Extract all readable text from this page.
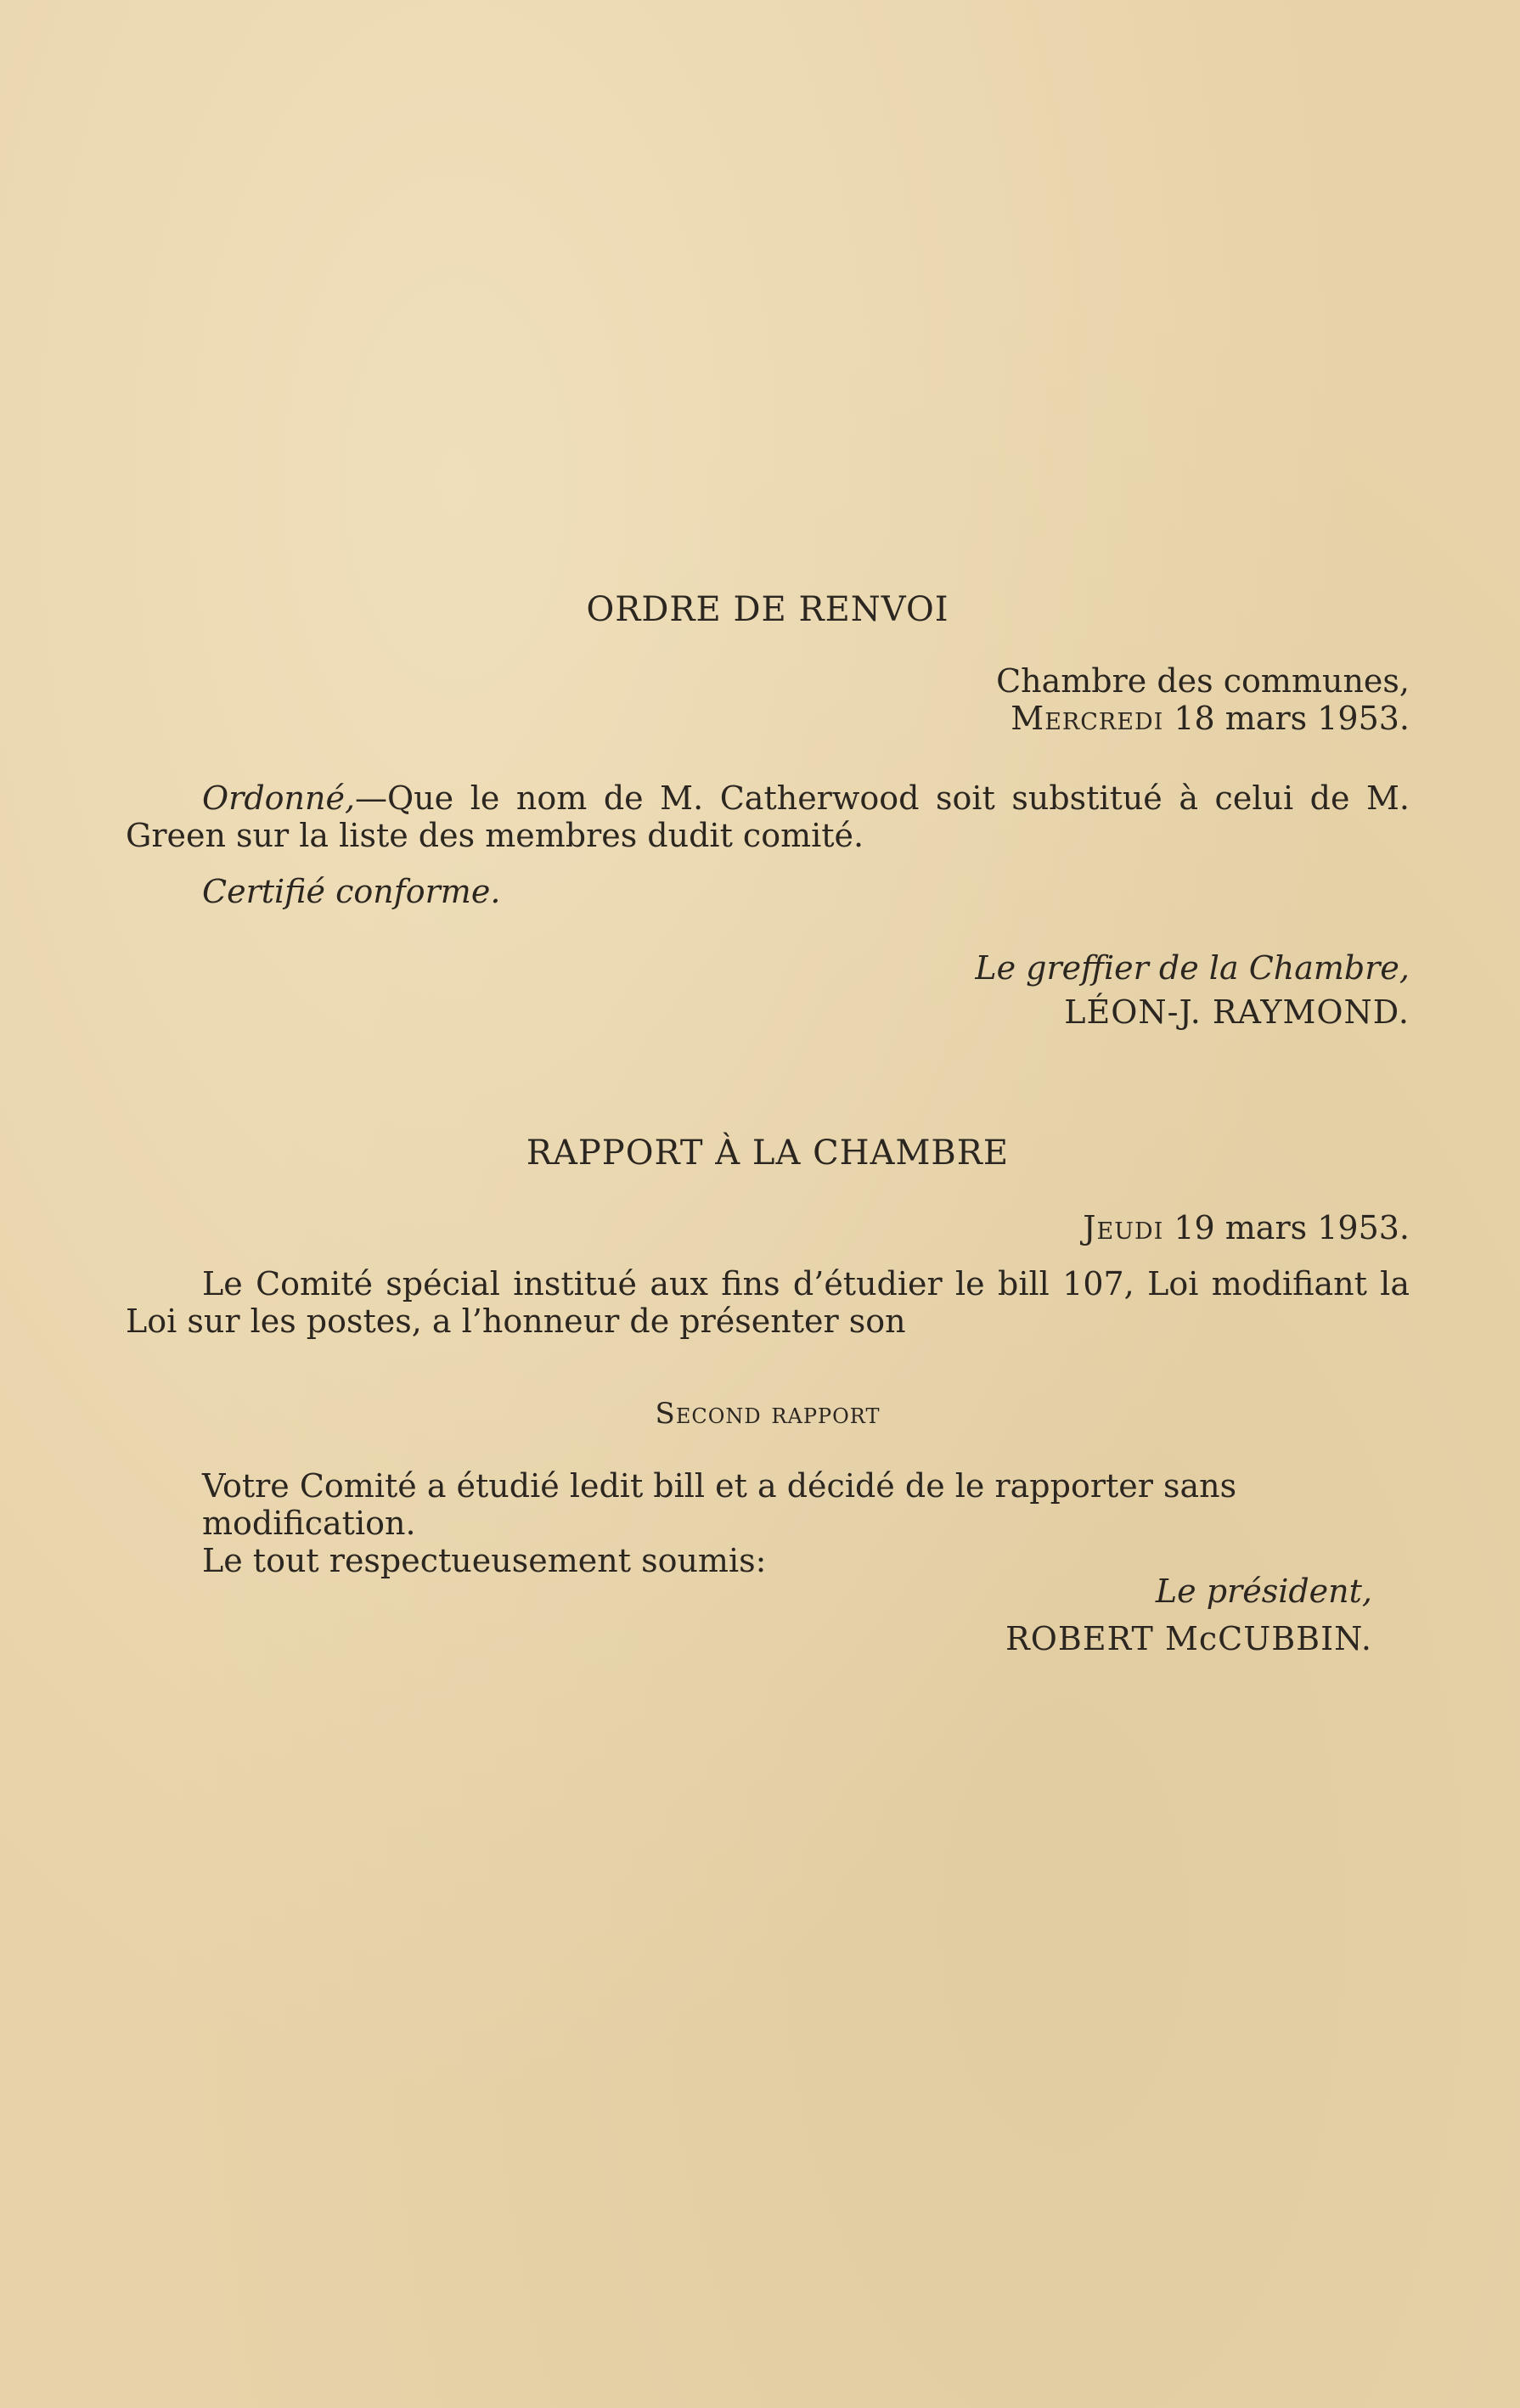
ORDRE DE RENVOI

Chambre des communes,

Mercredi 18 mars 1953.

Ordonné,—Que le nom de M. Catherwood soit substitué à celui de M. Green sur la liste des membres dudit comité.

Certifié conforme.

Le greffier de la Chambre,

LÉON-J. RAYMOND.

RAPPORT À LA CHAMBRE

Jeudi 19 mars 1953.

Le Comité spécial institué aux fins d’étudier le bill 107, Loi modifiant la Loi sur les postes, a l’honneur de présenter son

Second rapport

Votre Comité a étudié ledit bill et a décidé de le rapporter sans modification.

Le tout respectueusement soumis:

Le président,

ROBERT McCUBBIN.
